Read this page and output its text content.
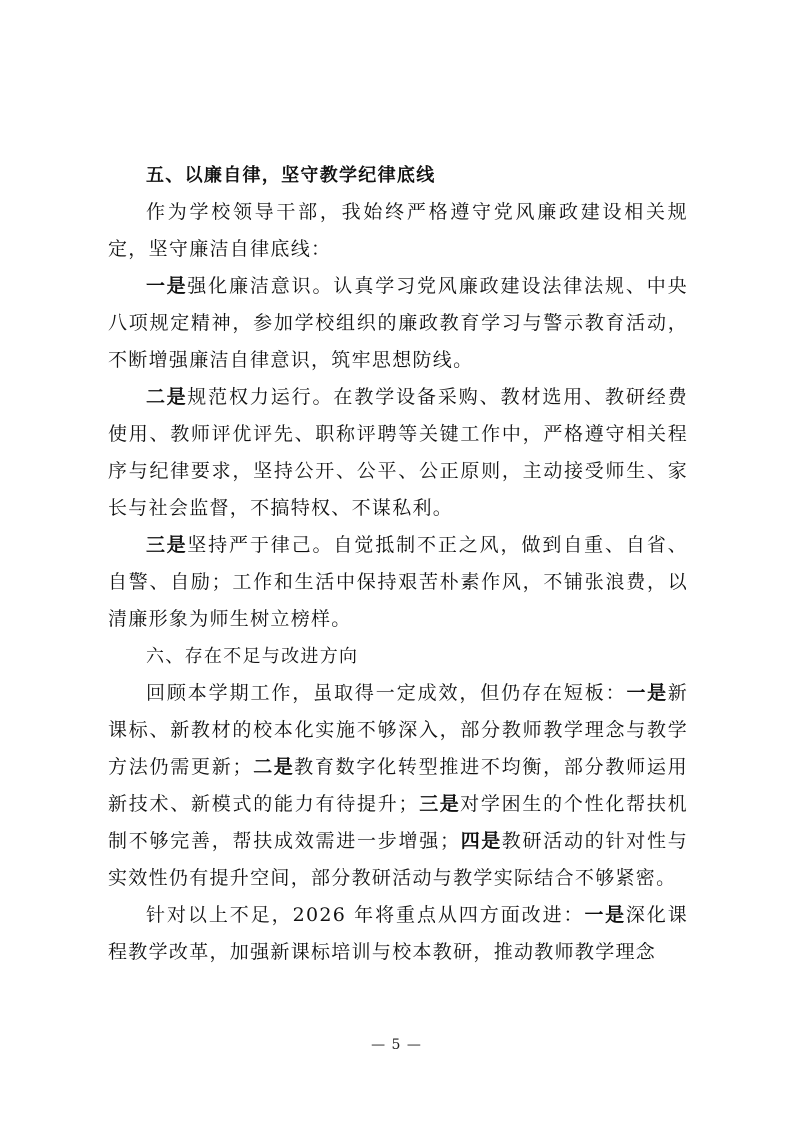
五、以廉自律，坚守教学纪律底线

作为学校领导干部，我始终严格遵守党风廉政建设相关规定，坚守廉洁自律底线：

一是强化廉洁意识。认真学习党风廉政建设法律法规、中央八项规定精神，参加学校组织的廉政教育学习与警示教育活动，不断增强廉洁自律意识，筑牢思想防线。

二是规范权力运行。在教学设备采购、教材选用、教研经费使用、教师评优评先、职称评聘等关键工作中，严格遵守相关程序与纪律要求，坚持公开、公平、公正原则，主动接受师生、家长与社会监督，不搞特权、不谋私利。

三是坚持严于律己。自觉抵制不正之风，做到自重、自省、自警、自励；工作和生活中保持艰苦朴素作风，不铺张浪费，以清廉形象为师生树立榜样。

六、存在不足与改进方向

回顾本学期工作，虽取得一定成效，但仍存在短板：一是新课标、新教材的校本化实施不够深入，部分教师教学理念与教学方法仍需更新；二是教育数字化转型推进不均衡，部分教师运用新技术、新模式的能力有待提升；三是对学困生的个性化帮扶机制不够完善，帮扶成效需进一步增强；四是教研活动的针对性与实效性仍有提升空间，部分教研活动与教学实际结合不够紧密。

针对以上不足，2026 年将重点从四方面改进：一是深化课程教学改革，加强新课标培训与校本教研，推动教师教学理念

— 5 —
